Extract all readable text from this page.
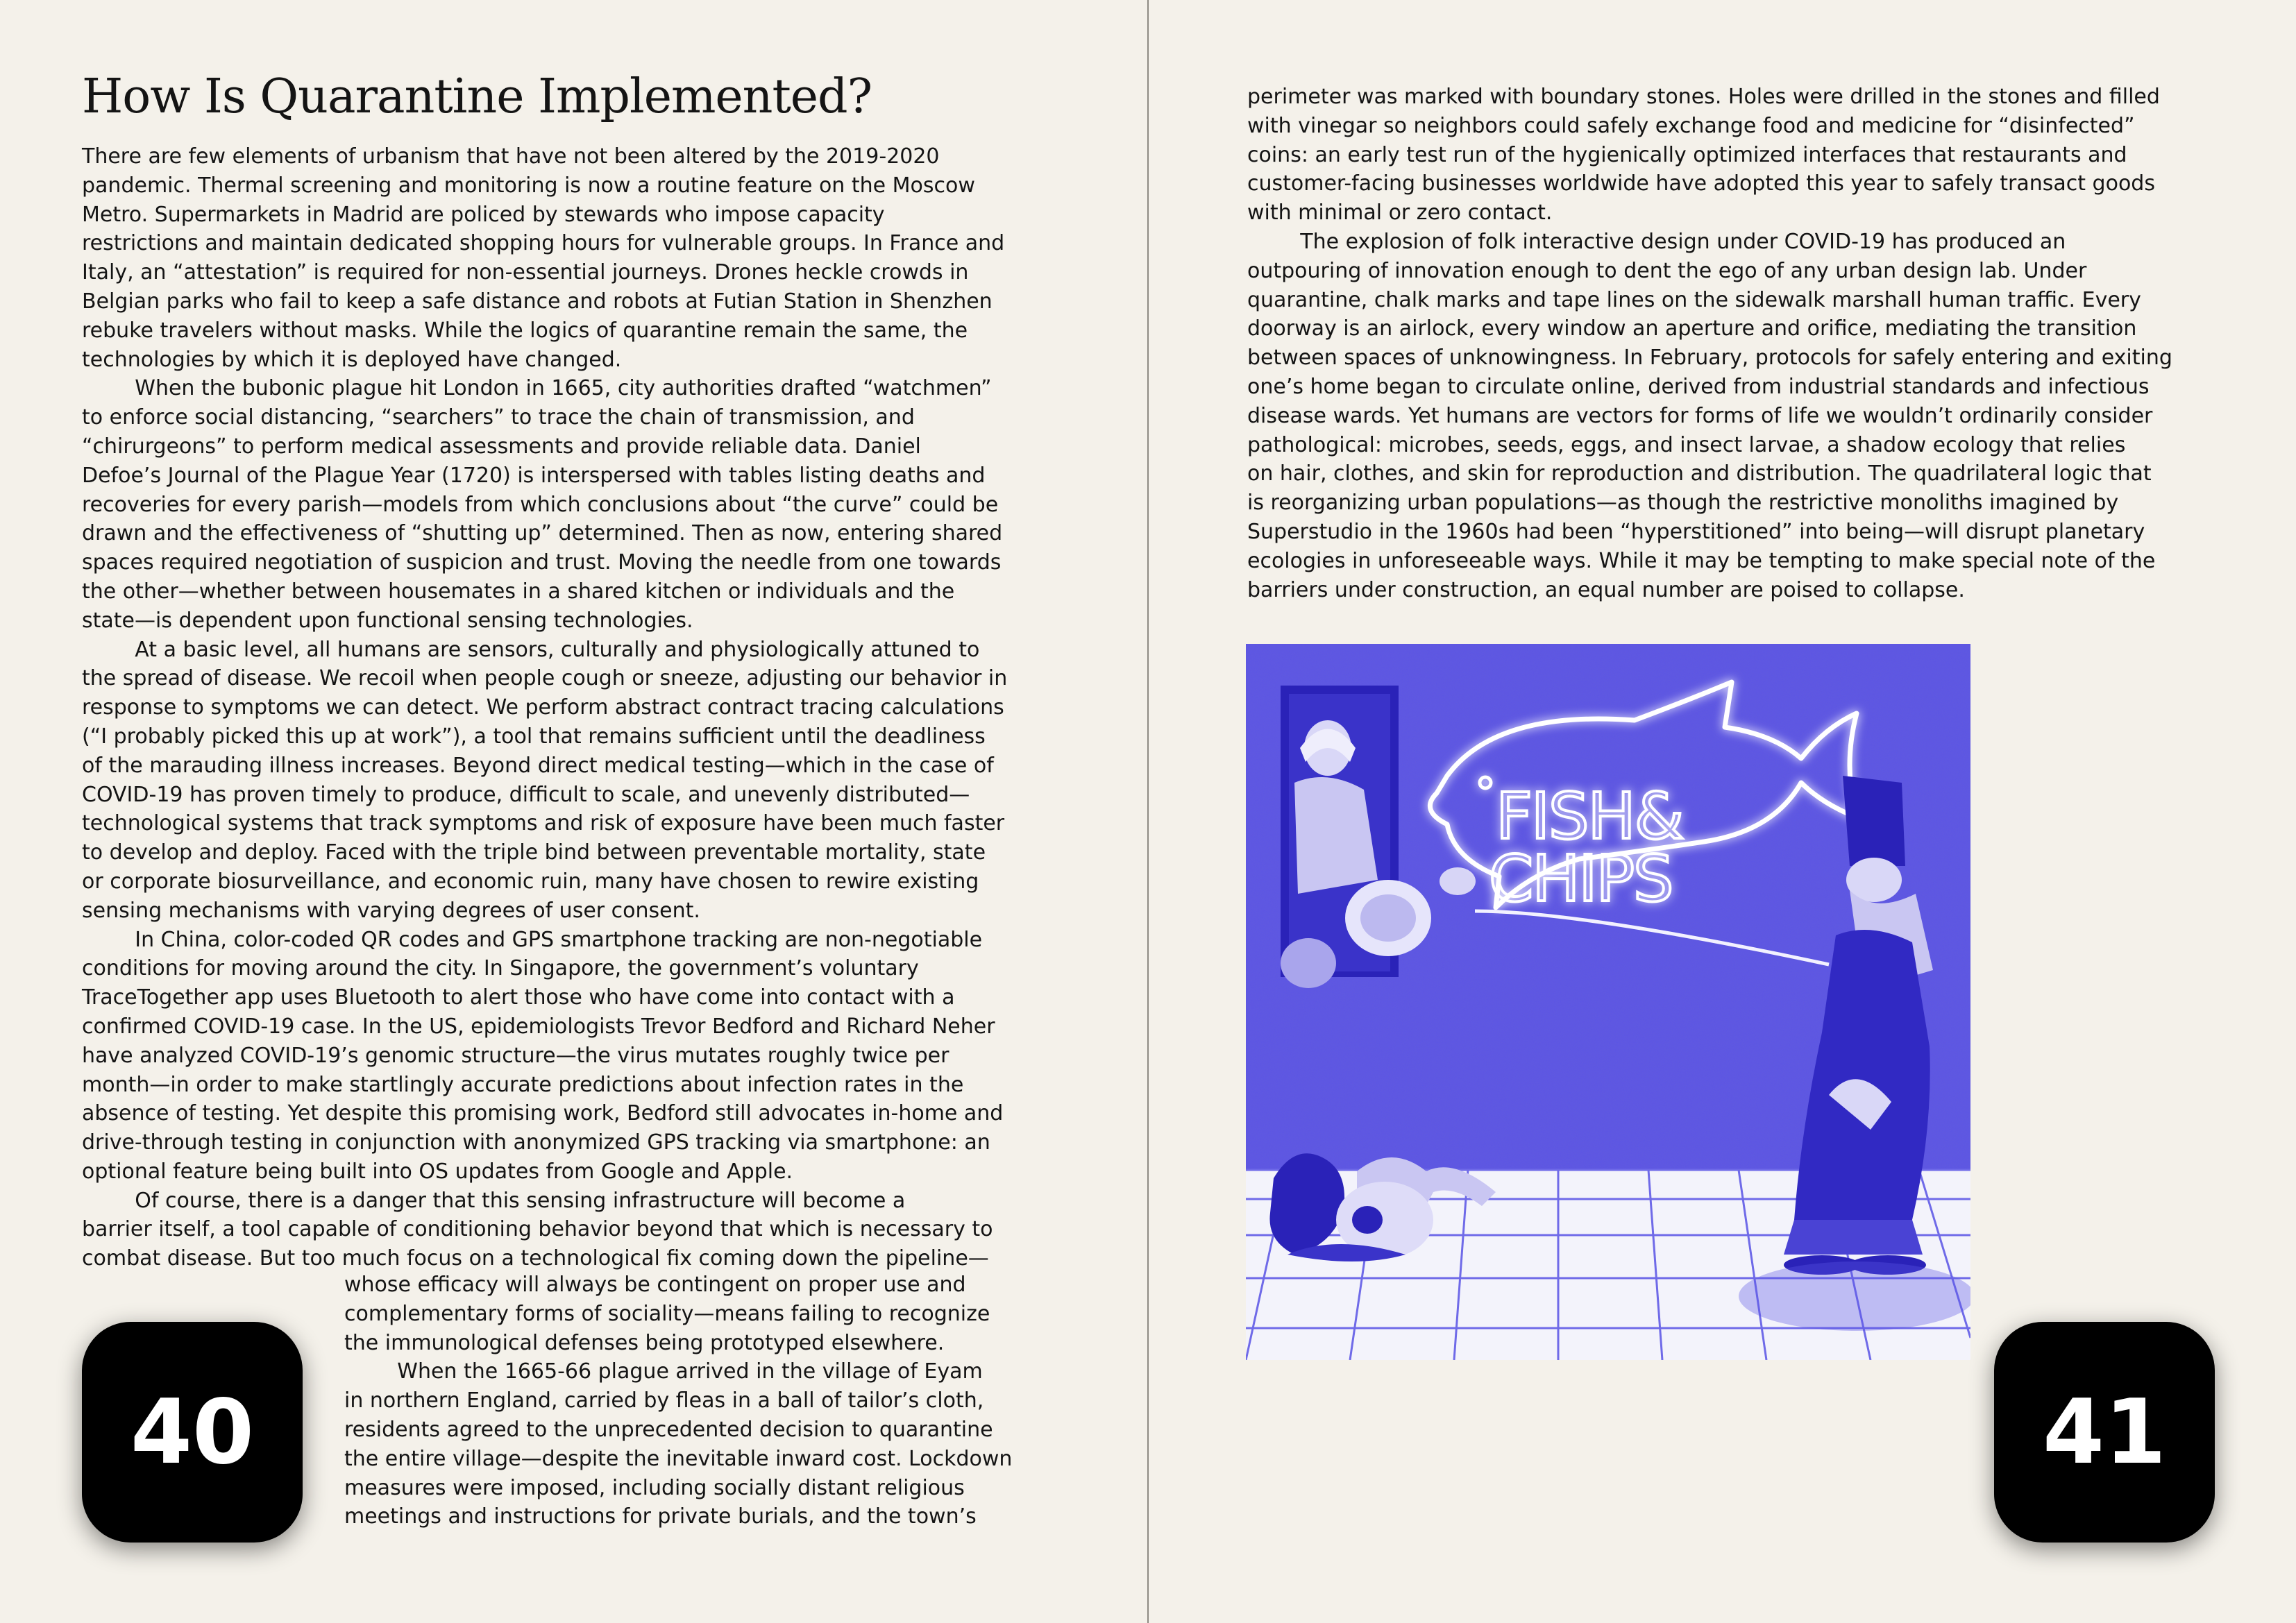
How Is Quarantine Implemented?

There are few elements of urbanism that have not been altered by the 2019-2020
pandemic. Thermal screening and monitoring is now a routine feature on the Moscow
Metro. Supermarkets in Madrid are policed by stewards who impose capacity
restrictions and maintain dedicated shopping hours for vulnerable groups. In France and
Italy, an “attestation” is required for non-essential journeys. Drones heckle crowds in
Belgian parks who fail to keep a safe distance and robots at Futian Station in Shenzhen
rebuke travelers without masks. While the logics of quarantine remain the same, the
technologies by which it is deployed have changed.
When the bubonic plague hit London in 1665, city authorities drafted “watchmen”
to enforce social distancing, “searchers” to trace the chain of transmission, and
“chirurgeons” to perform medical assessments and provide reliable data. Daniel
Defoe’s Journal of the Plague Year (1720) is interspersed with tables listing deaths and
recoveries for every parish—models from which conclusions about “the curve” could be
drawn and the effectiveness of “shutting up” determined. Then as now, entering shared
spaces required negotiation of suspicion and trust. Moving the needle from one towards
the other—whether between housemates in a shared kitchen or individuals and the
state—is dependent upon functional sensing technologies.
At a basic level, all humans are sensors, culturally and physiologically attuned to
the spread of disease. We recoil when people cough or sneeze, adjusting our behavior in
response to symptoms we can detect. We perform abstract contract tracing calculations
(“I probably picked this up at work”), a tool that remains sufficient until the deadliness
of the marauding illness increases. Beyond direct medical testing—which in the case of
COVID-19 has proven timely to produce, difficult to scale, and unevenly distributed—
technological systems that track symptoms and risk of exposure have been much faster
to develop and deploy. Faced with the triple bind between preventable mortality, state
or corporate biosurveillance, and economic ruin, many have chosen to rewire existing
sensing mechanisms with varying degrees of user consent.
In China, color-coded QR codes and GPS smartphone tracking are non-negotiable
conditions for moving around the city. In Singapore, the government’s voluntary
TraceTogether app uses Bluetooth to alert those who have come into contact with a
confirmed COVID-19 case. In the US, epidemiologists Trevor Bedford and Richard Neher
have analyzed COVID-19’s genomic structure—the virus mutates roughly twice per
month—in order to make startlingly accurate predictions about infection rates in the
absence of testing. Yet despite this promising work, Bedford still advocates in-home and
drive-through testing in conjunction with anonymized GPS tracking via smartphone: an
optional feature being built into OS updates from Google and Apple.
Of course, there is a danger that this sensing infrastructure will become a
barrier itself, a tool capable of conditioning behavior beyond that which is necessary to
combat disease. But too much focus on a technological fix coming down the pipeline—

whose efficacy will always be contingent on proper use and
complementary forms of sociality—means failing to recognize
the immunological defenses being prototyped elsewhere.
When the 1665-66 plague arrived in the village of Eyam
in northern England, carried by fleas in a ball of tailor’s cloth,
residents agreed to the unprecedented decision to quarantine
the entire village—despite the inevitable inward cost. Lockdown
measures were imposed, including socially distant religious
meetings and instructions for private burials, and the town’s

40

perimeter was marked with boundary stones. Holes were drilled in the stones and filled
with vinegar so neighbors could safely exchange food and medicine for “disinfected”
coins: an early test run of the hygienically optimized interfaces that restaurants and
customer-facing businesses worldwide have adopted this year to safely transact goods
with minimal or zero contact.
The explosion of folk interactive design under COVID-19 has produced an
outpouring of innovation enough to dent the ego of any urban design lab. Under
quarantine, chalk marks and tape lines on the sidewalk marshall human traffic. Every
doorway is an airlock, every window an aperture and orifice, mediating the transition
between spaces of unknowingness. In February, protocols for safely entering and exiting
one’s home began to circulate online, derived from industrial standards and infectious
disease wards. Yet humans are vectors for forms of life we wouldn’t ordinarily consider
pathological: microbes, seeds, eggs, and insect larvae, a shadow ecology that relies
on hair, clothes, and skin for reproduction and distribution. The quadrilateral logic that
is reorganizing urban populations—as though the restrictive monoliths imagined by
Superstudio in the 1960s had been “hyperstitioned” into being—will disrupt planetary
ecologies in unforeseeable ways. While it may be tempting to make special note of the
barriers under construction, an equal number are poised to collapse.

FISH&
CHIPS
41
